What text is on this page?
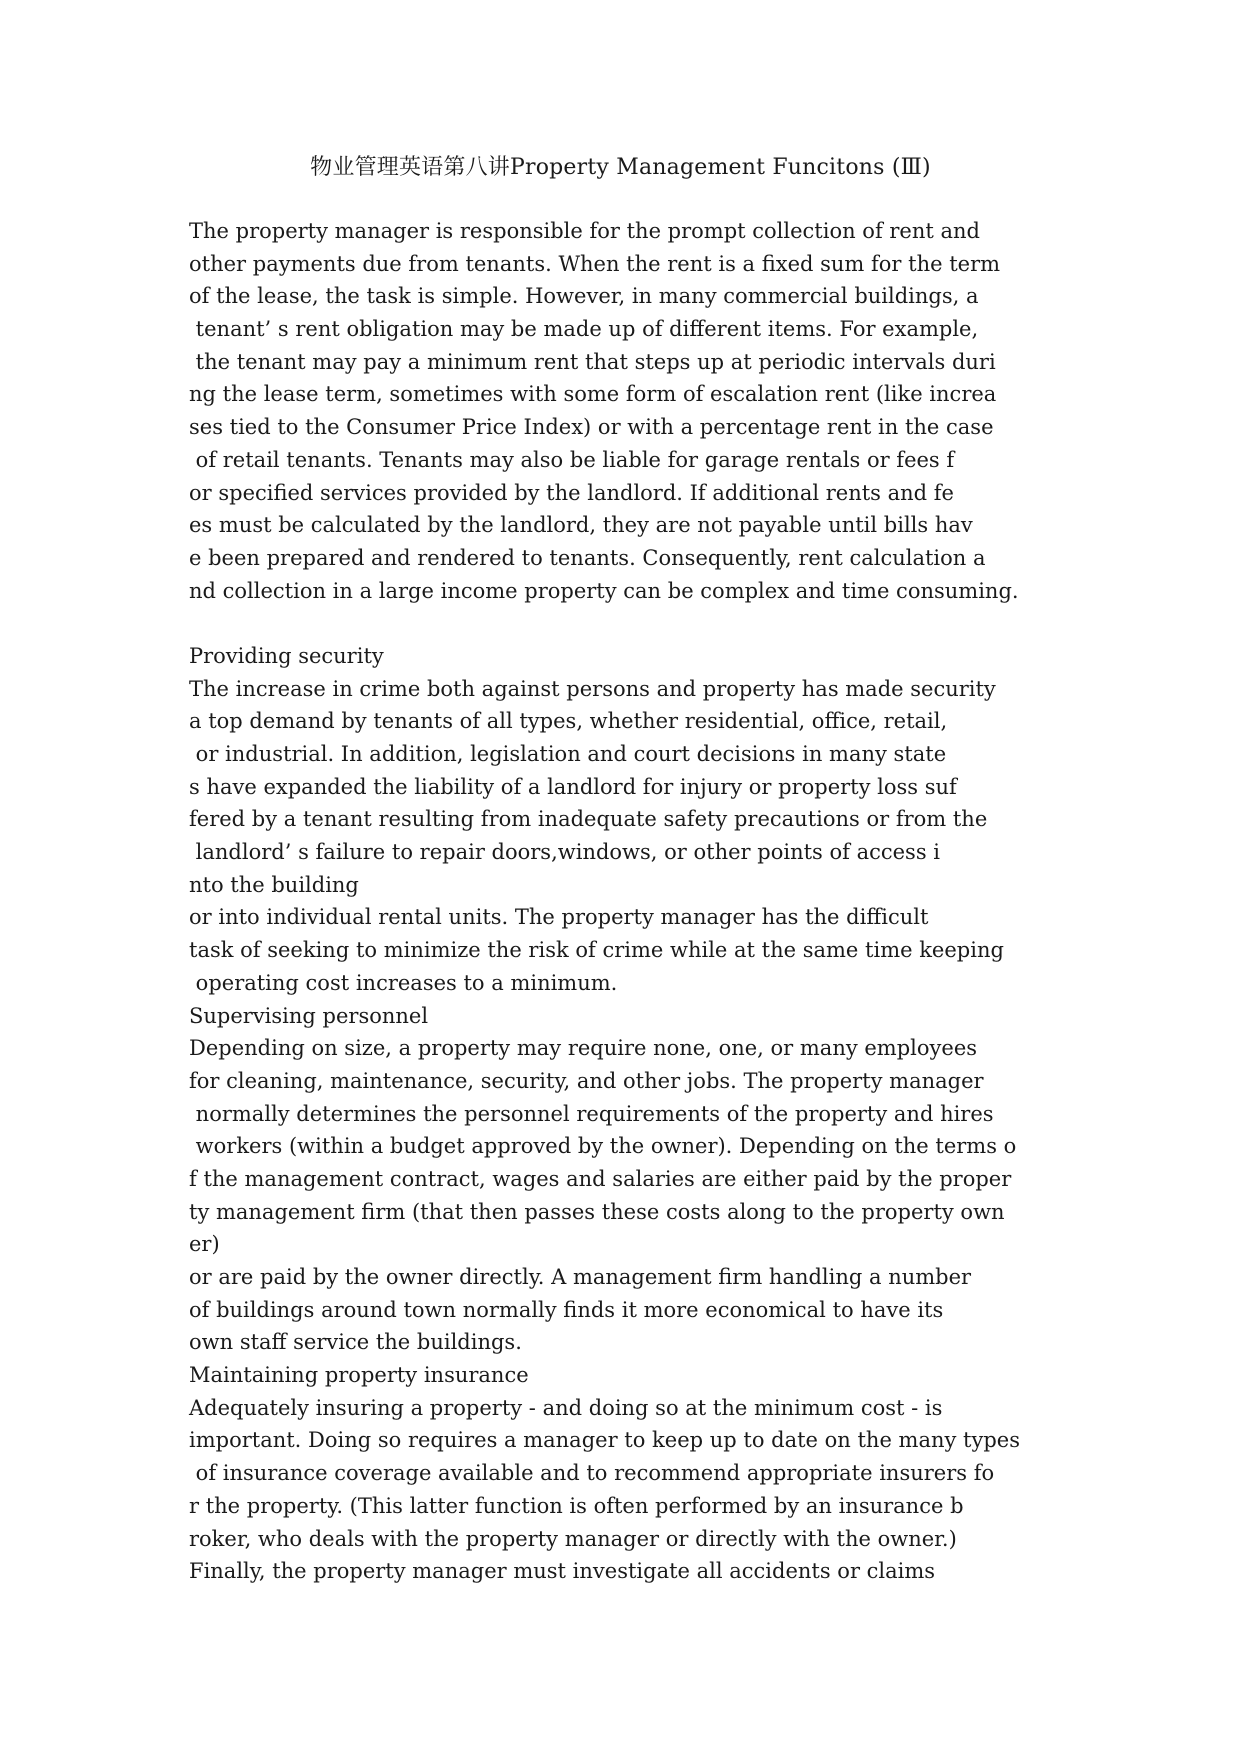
物业管理英语第八讲Property Management Funcitons (Ⅲ)
The property manager is responsible for the prompt collection of rent and
other payments due from tenants. When the rent is a fixed sum for the term
of the lease, the task is simple. However, in many commercial buildings, a
tenant’ s rent obligation may be made up of different items. For example,
the tenant may pay a minimum rent that steps up at periodic intervals duri
ng the lease term, sometimes with some form of escalation rent (like increa
ses tied to the Consumer Price Index) or with a percentage rent in the case
of retail tenants. Tenants may also be liable for garage rentals or fees f
or specified services provided by the landlord. If additional rents and fe
es must be calculated by the landlord, they are not payable until bills hav
e been prepared and rendered to tenants. Consequently, rent calculation a
nd collection in a large income property can be complex and time consuming.
Providing security
The increase in crime both against persons and property has made security
a top demand by tenants of all types, whether residential, office, retail,
or industrial. In addition, legislation and court decisions in many state
s have expanded the liability of a landlord for injury or property loss suf
fered by a tenant resulting from inadequate safety precautions or from the
landlord’ s failure to repair doors,windows, or other points of access i
nto the building
or into individual rental units. The property manager has the difficult
task of seeking to minimize the risk of crime while at the same time keeping
operating cost increases to a minimum.
Supervising personnel
Depending on size, a property may require none, one, or many employees
for cleaning, maintenance, security, and other jobs. The property manager
normally determines the personnel requirements of the property and hires
workers (within a budget approved by the owner). Depending on the terms o
f the management contract, wages and salaries are either paid by the proper
ty management firm (that then passes these costs along to the property own
er)
or are paid by the owner directly. A management firm handling a number
of buildings around town normally finds it more economical to have its
own staff service the buildings.
Maintaining property insurance
Adequately insuring a property - and doing so at the minimum cost - is
important. Doing so requires a manager to keep up to date on the many types
of insurance coverage available and to recommend appropriate insurers fo
r the property. (This latter function is often performed by an insurance b
roker, who deals with the property manager or directly with the owner.)
Finally, the property manager must investigate all accidents or claims
